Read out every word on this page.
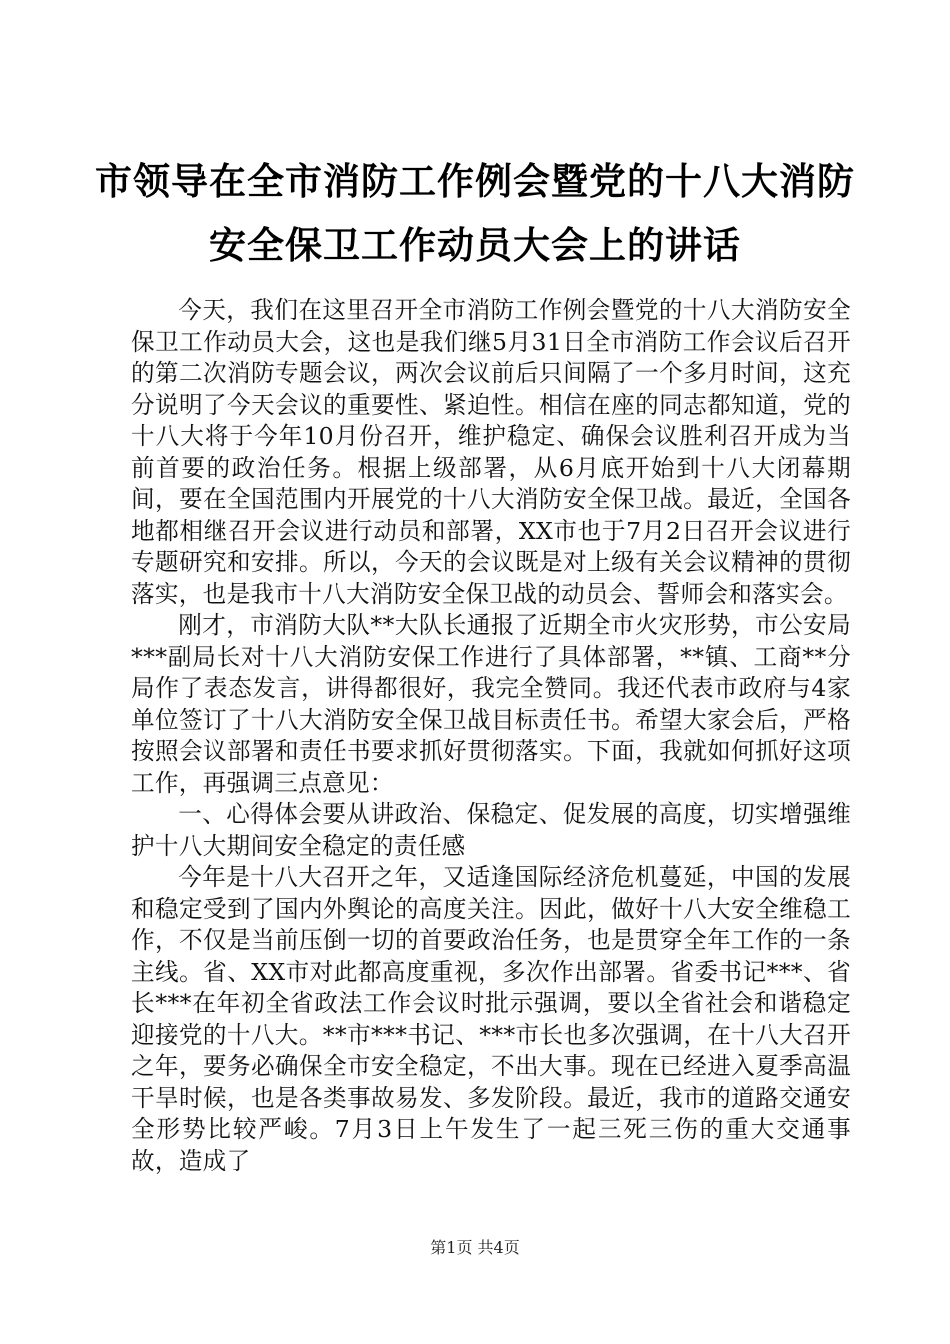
市领导在全市消防工作例会暨党的十八大消防
安全保卫工作动员大会上的讲话

今天，我们在这里召开全市消防工作例会暨党的十八大消防安全保卫工作动员大会，这也是我们继5月31日全市消防工作会议后召开的第二次消防专题会议，两次会议前后只间隔了一个多月时间，这充分说明了今天会议的重要性、紧迫性。相信在座的同志都知道，党的十八大将于今年10月份召开，维护稳定、确保会议胜利召开成为当前首要的政治任务。根据上级部署，从6月底开始到十八大闭幕期间，要在全国范围内开展党的十八大消防安全保卫战。最近，全国各地都相继召开会议进行动员和部署，XX市也于7月2日召开会议进行专题研究和安排。所以，今天的会议既是对上级有关会议精神的贯彻落实，也是我市十八大消防安全保卫战的动员会、誓师会和落实会。

刚才，市消防大队**大队长通报了近期全市火灾形势，市公安局***副局长对十八大消防安保工作进行了具体部署，**镇、工商**分局作了表态发言，讲得都很好，我完全赞同。我还代表市政府与4家单位签订了十八大消防安全保卫战目标责任书。希望大家会后，严格按照会议部署和责任书要求抓好贯彻落实。下面，我就如何抓好这项工作，再强调三点意见：

一、心得体会要从讲政治、保稳定、促发展的高度，切实增强维护十八大期间安全稳定的责任感

今年是十八大召开之年，又适逢国际经济危机蔓延，中国的发展和稳定受到了国内外舆论的高度关注。因此，做好十八大安全维稳工作，不仅是当前压倒一切的首要政治任务，也是贯穿全年工作的一条主线。省、XX市对此都高度重视，多次作出部署。省委书记***、省长***在年初全省政法工作会议时批示强调，要以全省社会和谐稳定迎接党的十八大。**市***书记、***市长也多次强调，在十八大召开之年，要务必确保全市安全稳定，不出大事。现在已经进入夏季高温干旱时候，也是各类事故易发、多发阶段。最近，我市的道路交通安全形势比较严峻。7月3日上午发生了一起三死三伤的重大交通事故，造成了

第1页 共4页
